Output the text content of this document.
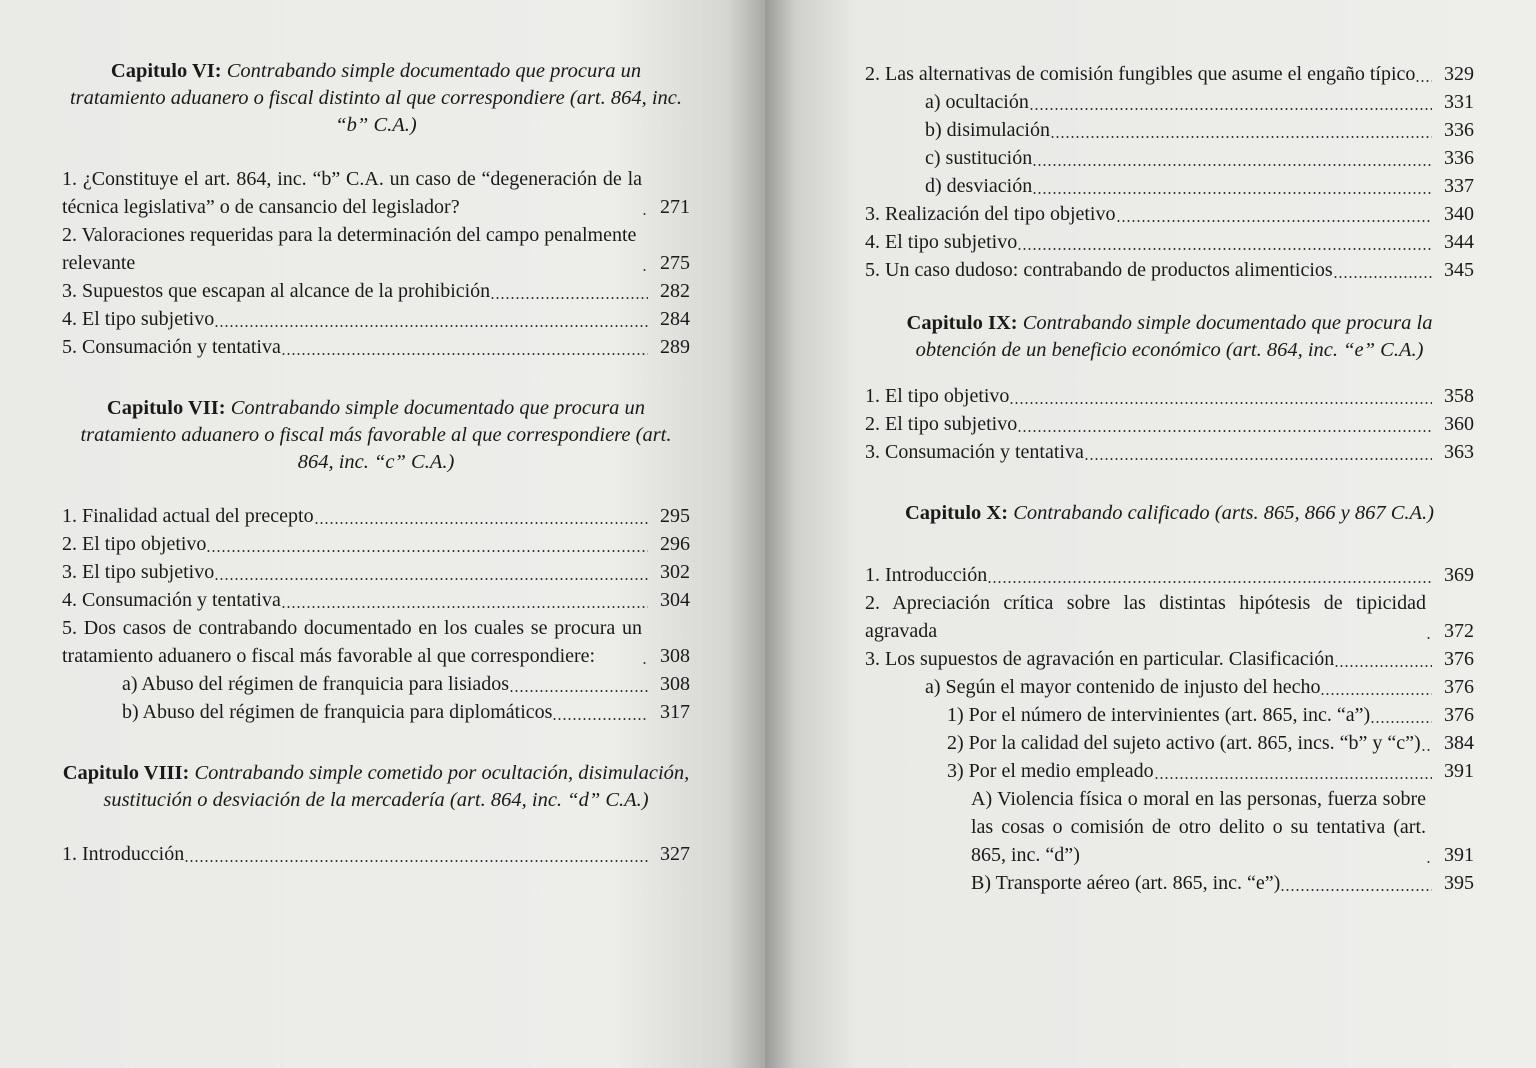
Capitulo VI: Contrabando simple documentado que procura un tratamiento aduanero o fiscal distinto al que correspondiere (art. 864, inc. “b” C.A.)

1. ¿Constituye el art. 864, inc. “b” C.A. un caso de “degeneración de la técnica legislativa” o de cansancio del legislador?	271
2. Valoraciones requeridas para la determinación del campo penalmente relevante	275
3. Supuestos que escapan al alcance de la prohibición	282
4. El tipo subjetivo	284
5. Consumación y tentativa	289

Capitulo VII: Contrabando simple documentado que procura un tratamiento aduanero o fiscal más favorable al que correspondiere (art. 864, inc. “c” C.A.)

1. Finalidad actual del precepto	295
2. El tipo objetivo	296
3. El tipo subjetivo	302
4. Consumación y tentativa	304
5. Dos casos de contrabando documentado en los cuales se procura un tratamiento aduanero o fiscal más favorable al que correspondiere:	308
a) Abuso del régimen de franquicia para lisiados	308
b) Abuso del régimen de franquicia para diplomáticos	317

Capitulo VIII: Contrabando simple cometido por ocultación, disimulación, sustitución o desviación de la mercadería (art. 864, inc. “d” C.A.)

1. Introducción	327
2. Las alternativas de comisión fungibles que asume el engaño típico	329
a) ocultación	331
b) disimulación	336
c) sustitución	336
d) desviación	337
3. Realización del tipo objetivo	340
4. El tipo subjetivo	344
5. Un caso dudoso: contrabando de productos alimenticios	345

Capitulo IX: Contrabando simple documentado que procura la obtención de un beneficio económico (art. 864, inc. “e” C.A.)

1. El tipo objetivo	358
2. El tipo subjetivo	360
3. Consumación y tentativa	363

Capitulo X: Contrabando calificado (arts. 865, 866 y 867 C.A.)

1. Introducción	369
2. Apreciación crítica sobre las distintas hipótesis de tipicidad agravada	372
3. Los supuestos de agravación en particular. Clasificación	376
a) Según el mayor contenido de injusto del hecho	376
1) Por el número de intervinientes (art. 865, inc. “a”)	376
2) Por la calidad del sujeto activo (art. 865, incs. “b” y “c”)	384
3) Por el medio empleado	391
A) Violencia física o moral en las personas, fuerza sobre las cosas o comisión de otro delito o su tentativa (art. 865, inc. “d”)	391
B) Transporte aéreo (art. 865, inc. “e”)	395
